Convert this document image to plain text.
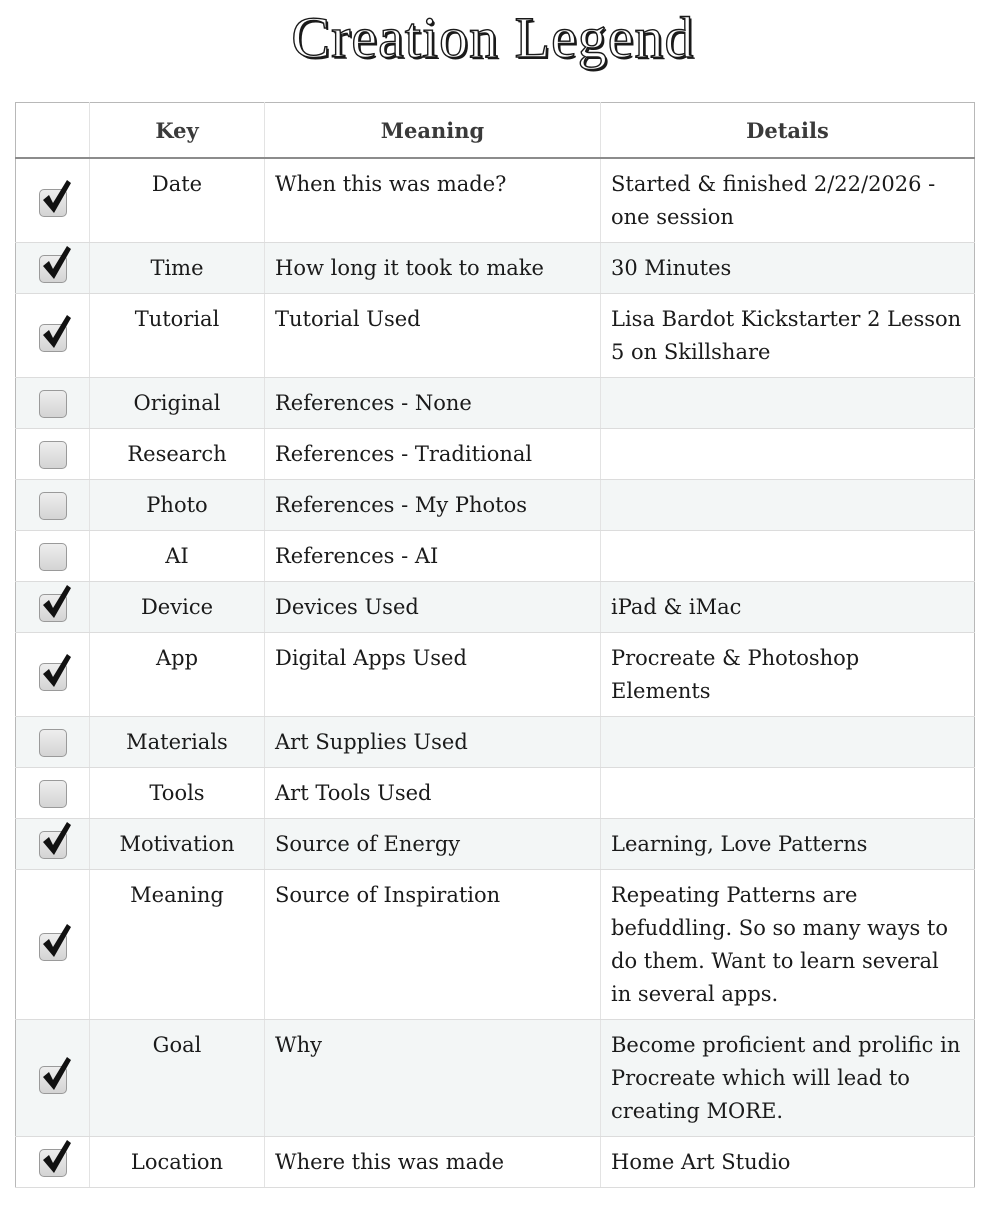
Creation Legend
	Key	Meaning	Details

	Date	When this was made?	Started & finished 2/22/2026 - one session

	Time	How long it took to make	30 Minutes

	Tutorial	Tutorial Used	Lisa Bardot Kickstarter 2 Lesson 5 on Skillshare
	Original	References - None	
	Research	References - Traditional	
	Photo	References - My Photos	
	AI	References - AI	

	Device	Devices Used	iPad & iMac

	App	Digital Apps Used	Procreate & Photoshop Elements
	Materials	Art Supplies Used	
	Tools	Art Tools Used	

	Motivation	Source of Energy	Learning, Love Patterns

	Meaning	Source of Inspiration	Repeating Patterns are befuddling. So so many ways to do them. Want to learn several in several apps.

	Goal	Why	Become proficient and prolific in Procreate which will lead to creating MORE.

	Location	Where this was made	Home Art Studio
